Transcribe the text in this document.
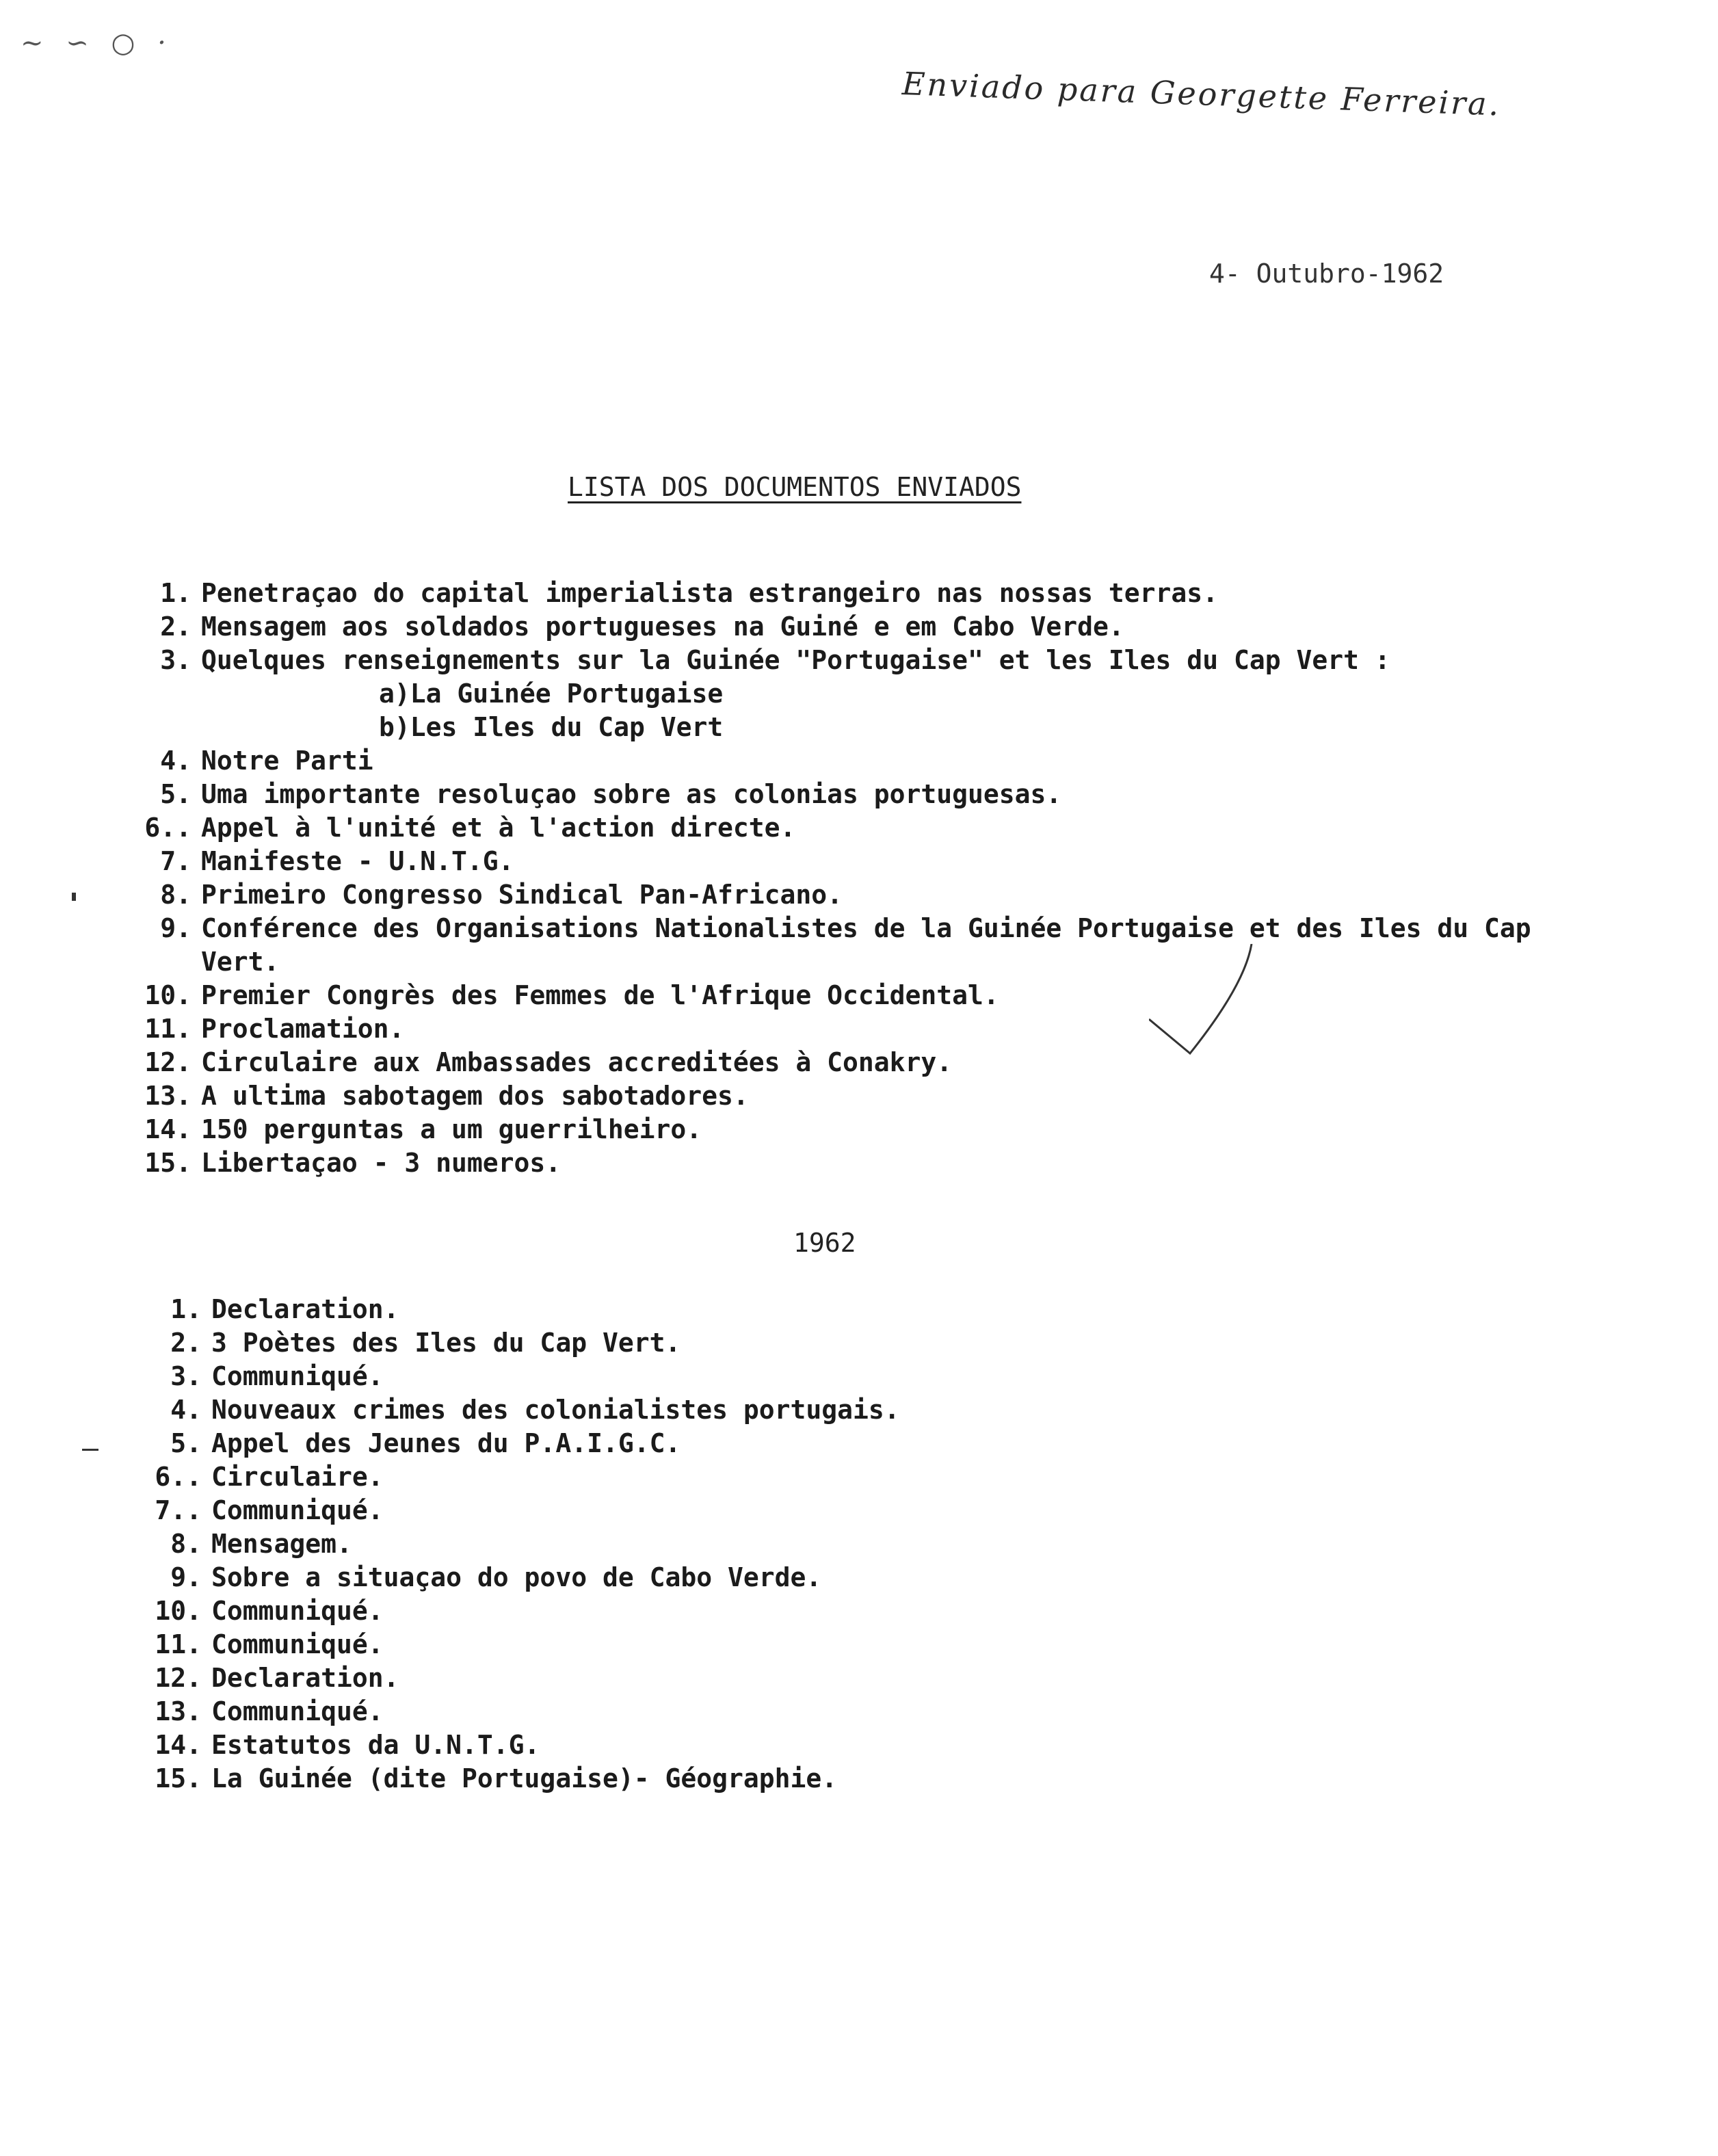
~ ∽ ○ ·
Enviado para Georgette Ferreira.
4- Outubro-1962
LISTA DOS DOCUMENTOS ENVIADOS
1. Penetraçao do capital imperialista estrangeiro nas nossas terras.
2. Mensagem aos soldados portugueses na Guiné e em Cabo Verde.
3. Quelques renseignements sur la Guinée "Portugaise" et les Iles du Cap Vert :
a)La Guinée Portugaise
b)Les Iles du Cap Vert
4. Notre Parti
5. Uma importante resoluçao sobre as colonias portuguesas.
6.. Appel à l'unité et à l'action directe.
7. Manifeste - U.N.T.G.
8. Primeiro Congresso Sindical Pan-Africano.
9. Conférence des Organisations Nationalistes de la Guinée Portugaise et des Iles du Cap
Vert.
10. Premier Congrès des Femmes de l'Afrique Occidental.
11. Proclamation.
12. Circulaire aux Ambassades accreditées à Conakry.
13. A ultima sabotagem dos sabotadores.
14. 150 perguntas a um guerrilheiro.
15. Libertaçao - 3 numeros.
1962
1. Declaration.
2. 3 Poètes des Iles du Cap Vert.
3. Communiqué.
4. Nouveaux crimes des colonialistes portugais.
5. Appel des Jeunes du P.A.I.G.C.
6.. Circulaire.
7.. Communiqué.
8. Mensagem.
9. Sobre a situaçao do povo de Cabo Verde.
10. Communiqué.
11. Communiqué.
12. Declaration.
13. Communiqué.
14. Estatutos da U.N.T.G.
15. La Guinée (dite Portugaise)- Géographie.
